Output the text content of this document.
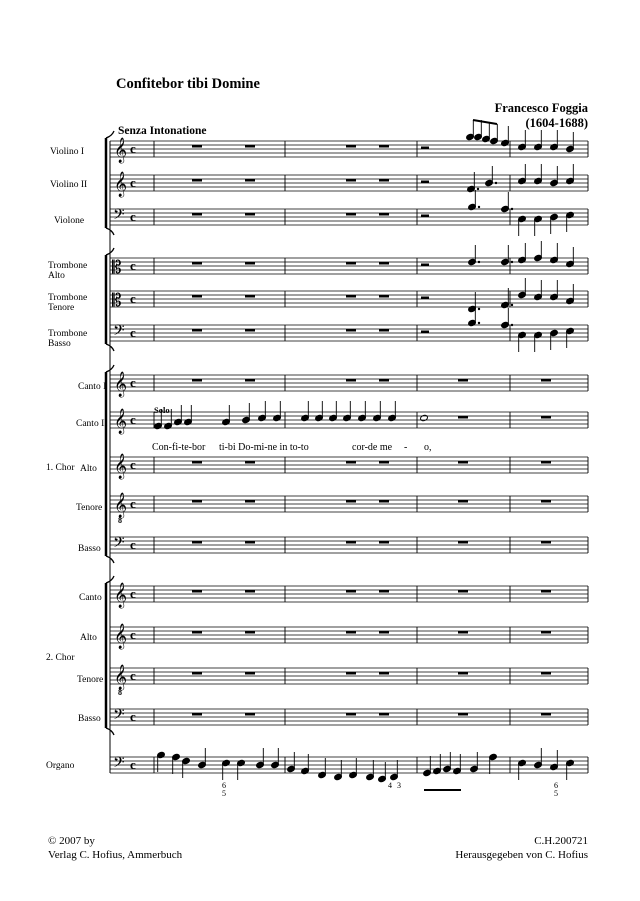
Confitebor tibi Domine
Francesco Foggia
(1604-1688)
Senza Intonatione
Violino I
Violino II
Violone
Trombone Alto
Trombone Tenore
Trombone Basso
Canto I
Canto II
Alto
Tenore
Basso
Canto
Alto
Tenore
Basso
Organo
1. Chor
2. Chor
Solo
Con-fi-te-bor ti-bi Do-mi-ne in to-to	cor-de me - o,
6
5
4 3	6
5
𝄞 c
𝄞 c
𝄢 c
𝄡 c
𝄡 c
𝄢 c
𝄞 c
𝄞 c
𝄞 c
𝄞
8
c
𝄢 c
𝄞 c
𝄞 c
𝄞
8
c
𝄢 c
𝄢 c
© 2007 by
Verlag C. Hofius, Ammerbuch
C.H.200721
Herausgegeben von C. Hofius
